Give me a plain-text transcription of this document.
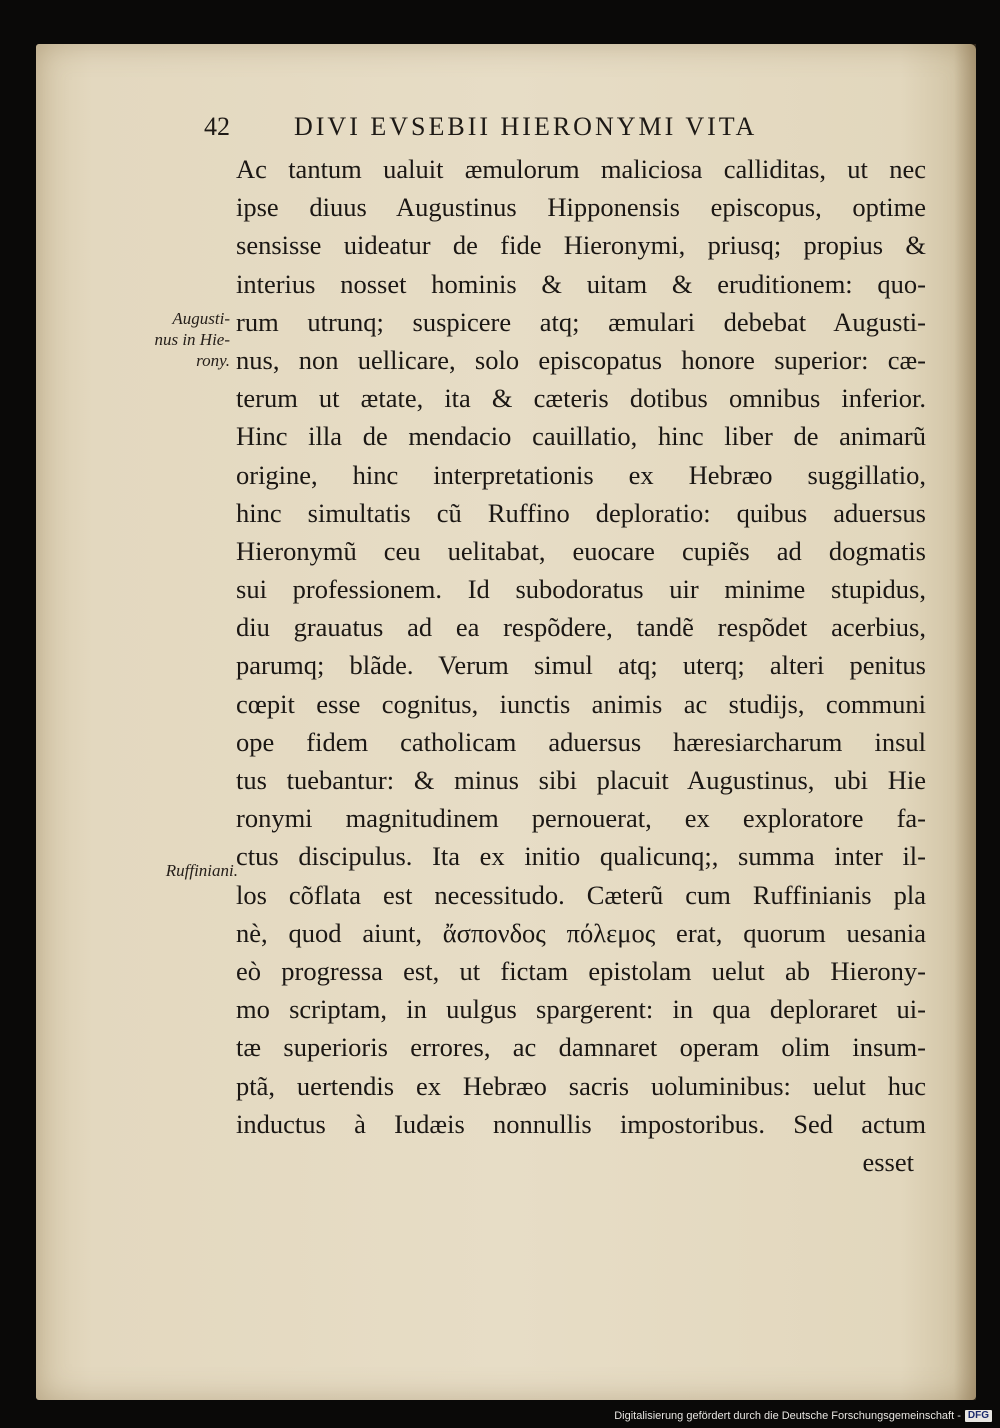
42 DIVI EVSEBII HIERONYMI VITA
Augusti-
nus in Hie-
rony.
Ruffiniani.
Ac tantum ualuit æmulorum maliciosa calliditas, ut nec
ipse diuus Augustinus Hipponensis episcopus, optime
sensisse uideatur de fide Hieronymi, priusq; propius &
interius nosset hominis & uitam & eruditionem: quo-
rum utrunq; suspicere atq; æmulari debebat Augusti-
nus, non uellicare, solo episcopatus honore superior: cæ-
terum ut ætate, ita & cæteris dotibus omnibus inferior.
Hinc illa de mendacio cauillatio, hinc liber de animarũ
origine, hinc interpretationis ex Hebræo suggillatio,
hinc simultatis cũ Ruffino deploratio: quibus aduersus
Hieronymũ ceu uelitabat, euocare cupiẽs ad dogmatis
sui professionem. Id subodoratus uir minime stupidus,
diu grauatus ad ea respõdere, tandẽ respõdet acerbius,
parumq; blãde. Verum simul atq; uterq; alteri penitus
cœpit esse cognitus, iunctis animis ac studijs, communi
ope fidem catholicam aduersus hæresiarcharum insul
tus tuebantur: & minus sibi placuit Augustinus, ubi Hie
ronymi magnitudinem pernouerat, ex exploratore fa-
ctus discipulus. Ita ex initio qualicunq;, summa inter il-
los cõflata est necessitudo. Cæterũ cum Ruffinianis pla
nè, quod aiunt, ἄσπονδος πόλεμος erat, quorum uesania
eò progressa est, ut fictam epistolam uelut ab Hierony-
mo scriptam, in uulgus spargerent: in qua deploraret ui-
tæ superioris errores, ac damnaret operam olim insum-
ptã, uertendis ex Hebræo sacris uoluminibus: uelut huc
inductus à Iudæis nonnullis impostoribus. Sed actum
esset
Digitalisierung gefördert durch die Deutsche Forschungsgemeinschaft - DFG
